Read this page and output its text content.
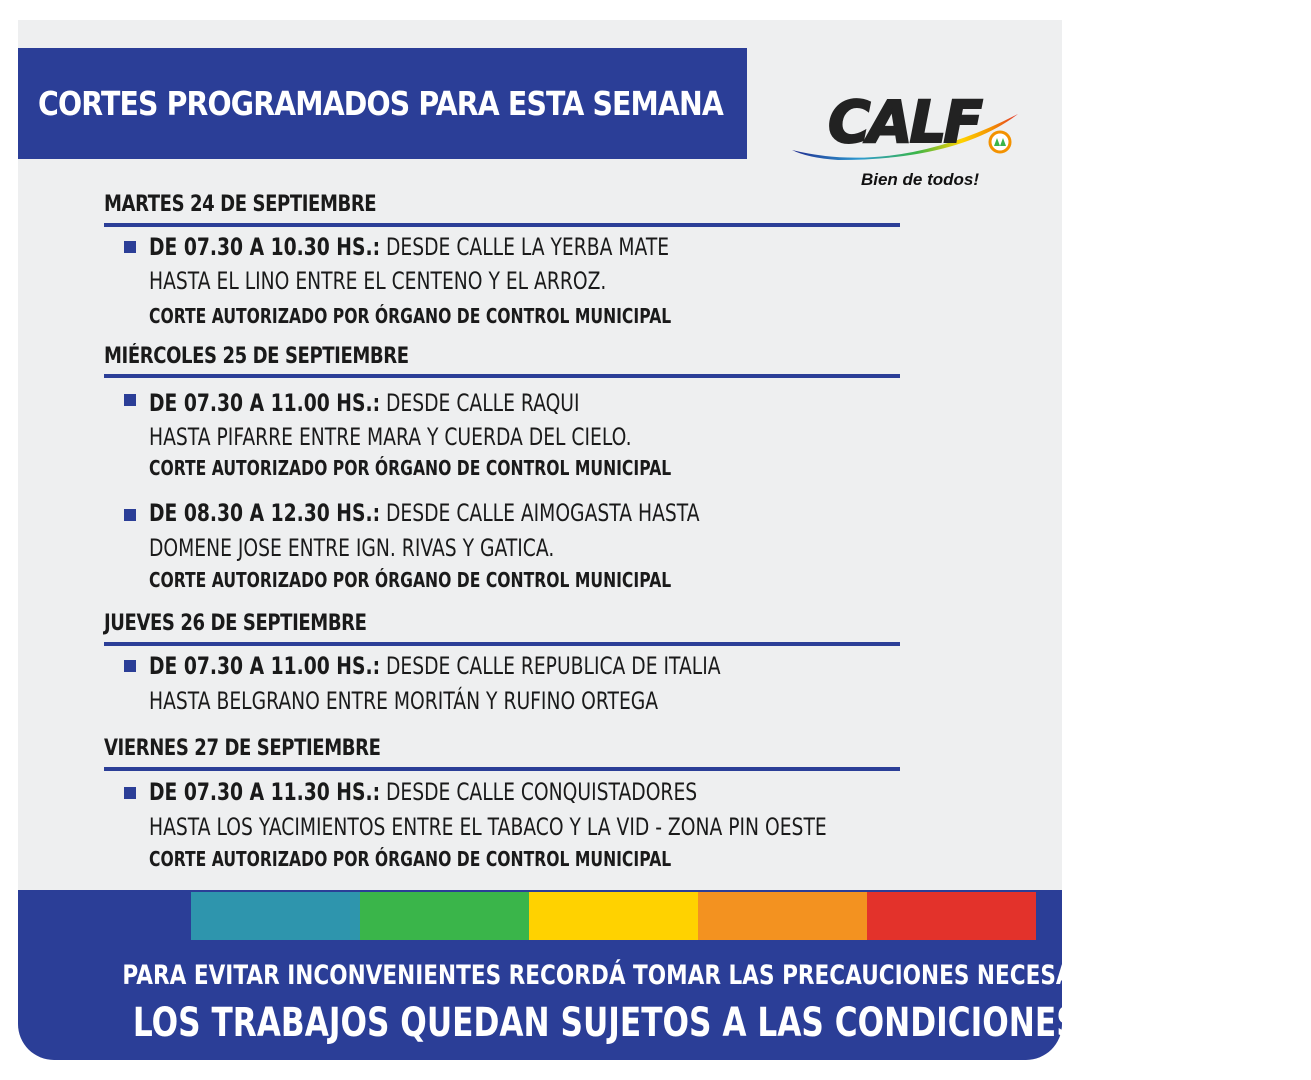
CORTES PROGRAMADOS PARA ESTA SEMANA CALF
Bien de todos!
MARTES 24 DE SEPTIEMBRE
DE 07.30 A 10.30 HS.: DESDE CALLE LA YERBA MATE
HASTA EL LINO ENTRE EL CENTENO Y EL ARROZ.
CORTE AUTORIZADO POR ÓRGANO DE CONTROL MUNICIPAL
MIÉRCOLES 25 DE SEPTIEMBRE
DE 07.30 A 11.00 HS.: DESDE CALLE RAQUI
HASTA PIFARRE ENTRE MARA Y CUERDA DEL CIELO.
CORTE AUTORIZADO POR ÓRGANO DE CONTROL MUNICIPAL
DE 08.30 A 12.30 HS.: DESDE CALLE AIMOGASTA HASTA
DOMENE JOSE ENTRE IGN. RIVAS Y GATICA.
CORTE AUTORIZADO POR ÓRGANO DE CONTROL MUNICIPAL
JUEVES 26 DE SEPTIEMBRE
DE 07.30 A 11.00 HS.: DESDE CALLE REPUBLICA DE ITALIA
HASTA BELGRANO ENTRE MORITÁN Y RUFINO ORTEGA
VIERNES 27 DE SEPTIEMBRE
DE 07.30 A 11.30 HS.: DESDE CALLE CONQUISTADORES
HASTA LOS YACIMIENTOS ENTRE EL TABACO Y LA VID - ZONA PIN OESTE
CORTE AUTORIZADO POR ÓRGANO DE CONTROL MUNICIPAL
PARA EVITAR INCONVENIENTES RECORDÁ TOMAR LAS PRECAUCIONES NECESARIAS.
LOS TRABAJOS QUEDAN SUJETOS A LAS CONDICIONES CLIMÁTICAS.
